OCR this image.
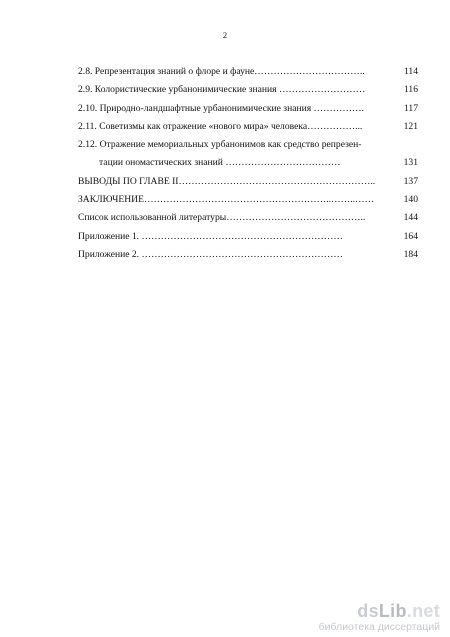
2
2.8. Репрезентация знаний о флоре и фауне……………………………..	114
2.9. Колористические урбанонимические знания ………………………	116
2.10. Природно-ландшафтные урбанонимические знания …………….	117
2.11. Советизмы как отражение «нового мира» человека……………...	121
2.12. Отражение мемориальных урбанонимов как средство репрезен-
тации ономастических знаний ………………………………	131
ВЫВОДЫ ПО ГЛАВЕ II……………………………………………………..	137
ЗАКЛЮЧЕНИЕ…………………………………………………..……..……	140
Список использованной литературы……………………………………..	144
Приложение 1. ………………………………………………………	164
Приложение 2. ………………………………………………………	184
dsLib.net
библиотека диссертаций
